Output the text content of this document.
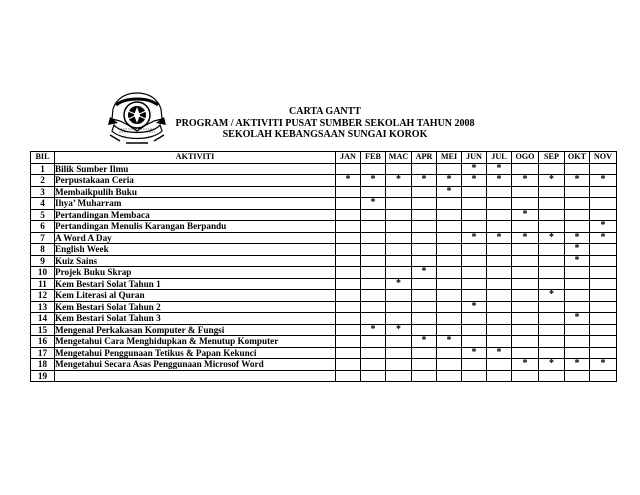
CARTA GANTT
PROGRAM / AKTIVITI PUSAT SUMBER SEKOLAH TAHUN 2008
SEKOLAH KEBANGSAAN SUNGAI KOROK
BIL	AKTIVITI	JAN	FEB	MAC	APR	MEI	JUN	JUL	OGO	SEP	OKT	NOV
1	Bilik Sumber Ilmu						*	*				
2	Perpustakaan Ceria	*	*	*	*	*	*	*	*	*	*	*
3	Membaikpulih Buku					*						
4	Ihya’ Muharram		*									
5	Pertandingan Membaca								*			
6	Pertandingan Menulis Karangan Berpandu											*
7	A Word A Day						*	*	*	*	*	*
8	English Week										*	
9	Kuiz Sains										*	
10	Projek Buku Skrap				*							
11	Kem Bestari Solat Tahun 1			*								
12	Kem Literasi al Quran									*		
13	Kem Bestari Solat Tahun 2						*					
14	Kem Bestari Solat Tahun 3										*	
15	Mengenal Perkakasan Komputer & Fungsi		*	*								
16	Mengetahui Cara Menghidupkan & Menutup Komputer				*	*						
17	Mengetahui Penggunaan Tetikus & Papan Kekunci						*	*				
18	Mengetahui Secara Asas Penggunaan Microsof Word								*	*	*	*
19												
